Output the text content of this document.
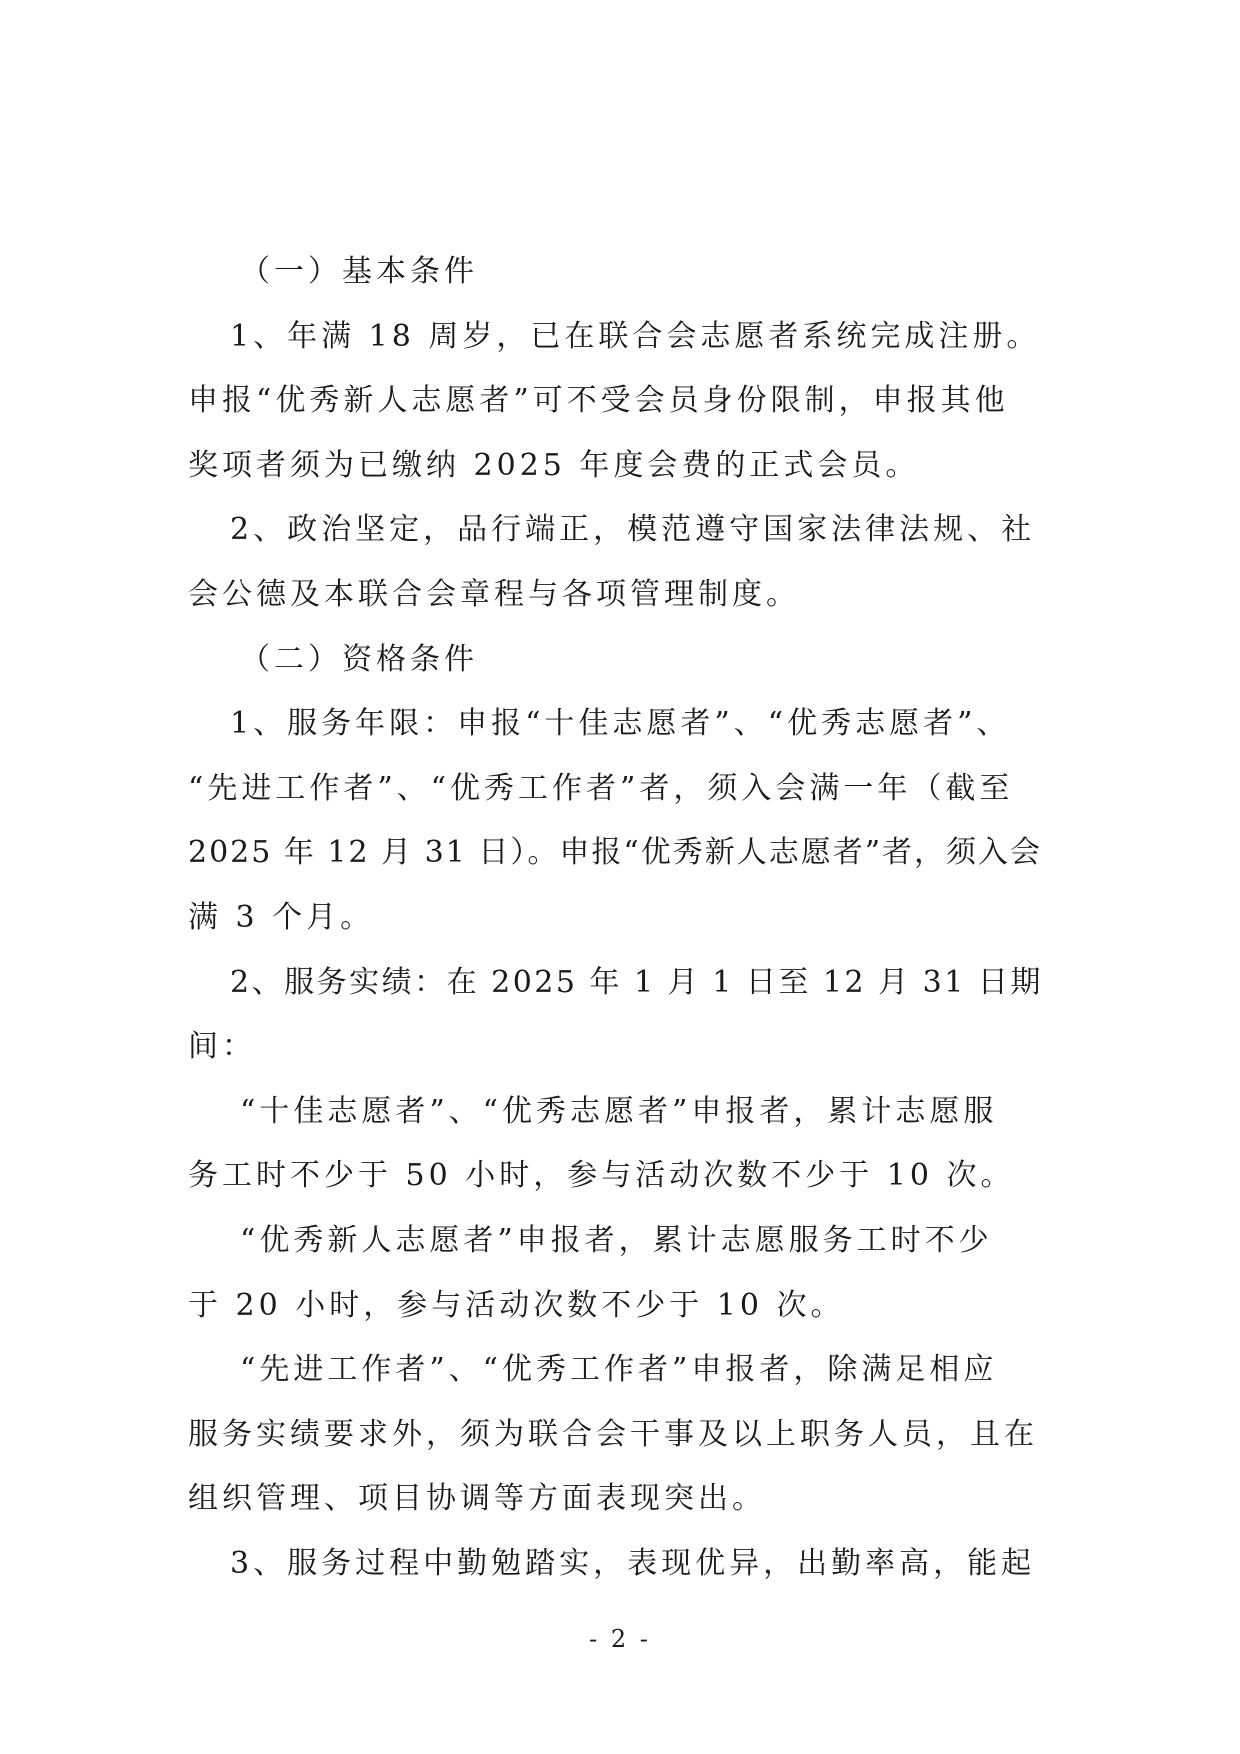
（一）基本条件

1、年满 18 周岁，已在联合会志愿者系统完成注册。

申报“优秀新人志愿者”可不受会员身份限制，申报其他

奖项者须为已缴纳 2025 年度会费的正式会员。

2、政治坚定，品行端正，模范遵守国家法律法规、社

会公德及本联合会章程与各项管理制度。

（二）资格条件

1、服务年限：申报“十佳志愿者”、“优秀志愿者”、

“先进工作者”、“优秀工作者”者，须入会满一年（截至

2025 年 12 月 31 日）。申报“优秀新人志愿者”者，须入会

满 3 个月。

2、服务实绩：在 2025 年 1 月 1 日至 12 月 31 日期

间：

“十佳志愿者”、“优秀志愿者”申报者，累计志愿服

务工时不少于 50 小时，参与活动次数不少于 10 次。

“优秀新人志愿者”申报者，累计志愿服务工时不少

于 20 小时，参与活动次数不少于 10 次。

“先进工作者”、“优秀工作者”申报者，除满足相应

服务实绩要求外，须为联合会干事及以上职务人员，且在

组织管理、项目协调等方面表现突出。

3、服务过程中勤勉踏实，表现优异，出勤率高，能起

- 2 -
